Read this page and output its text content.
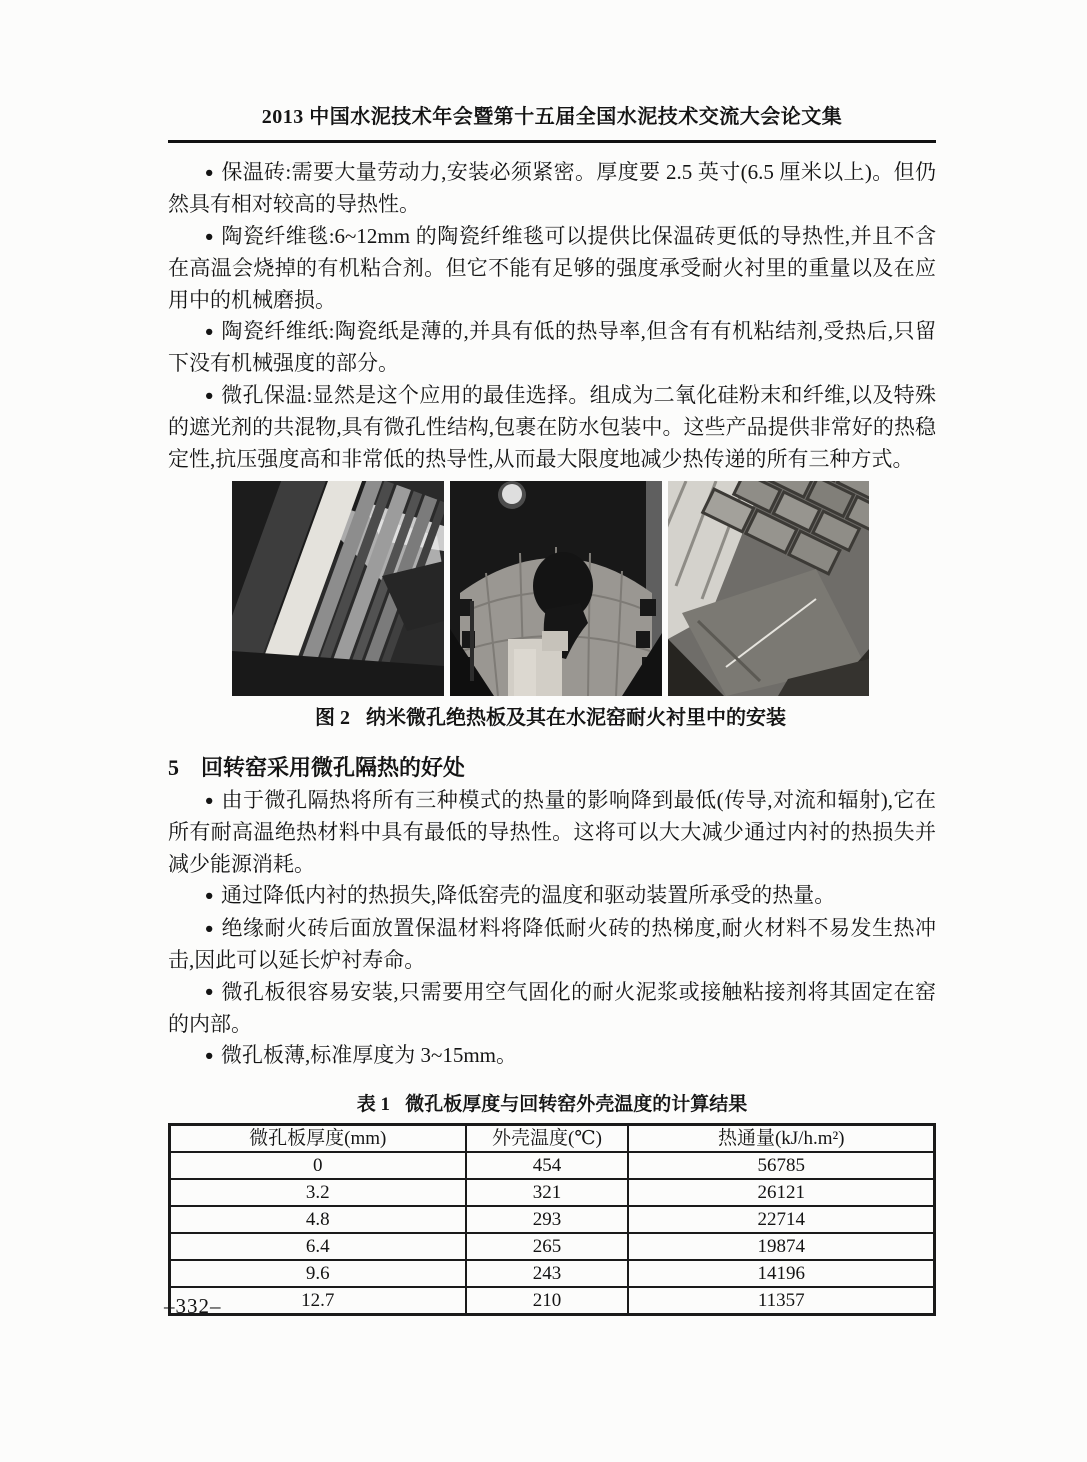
2013 中国水泥技术年会暨第十五届全国水泥技术交流大会论文集

● 保温砖:需要大量劳动力,安装必须紧密。厚度要 2.5 英寸(6.5 厘米以上)。但仍然具有相对较高的导热性。

● 陶瓷纤维毯:6~12mm 的陶瓷纤维毯可以提供比保温砖更低的导热性,并且不含在高温会烧掉的有机粘合剂。但它不能有足够的强度承受耐火衬里的重量以及在应用中的机械磨损。

● 陶瓷纤维纸:陶瓷纸是薄的,并具有低的热导率,但含有有机粘结剂,受热后,只留下没有机械强度的部分。

● 微孔保温:显然是这个应用的最佳选择。组成为二氧化硅粉末和纤维,以及特殊的遮光剂的共混物,具有微孔性结构,包裹在防水包装中。这些产品提供非常好的热稳定性,抗压强度高和非常低的热导性,从而最大限度地减少热传递的所有三种方式。

图 2 纳米微孔绝热板及其在水泥窑耐火衬里中的安装
5 回转窑采用微孔隔热的好处

● 由于微孔隔热将所有三种模式的热量的影响降到最低(传导,对流和辐射),它在所有耐高温绝热材料中具有最低的导热性。这将可以大大减少通过内衬的热损失并减少能源消耗。

● 通过降低内衬的热损失,降低窑壳的温度和驱动装置所承受的热量。

● 绝缘耐火砖后面放置保温材料将降低耐火砖的热梯度,耐火材料不易发生热冲击,因此可以延长炉衬寿命。

● 微孔板很容易安装,只需要用空气固化的耐火泥浆或接触粘接剂将其固定在窑的内部。

● 微孔板薄,标准厚度为 3~15mm。

表 1 微孔板厚度与回转窑外壳温度的计算结果
微孔板厚度(mm)	外壳温度(℃)	热通量(kJ/h.m²)
0	454	56785
3.2	321	26121
4.8	293	22714
6.4	265	19874
9.6	243	14196
12.7	210	11357
–332–
